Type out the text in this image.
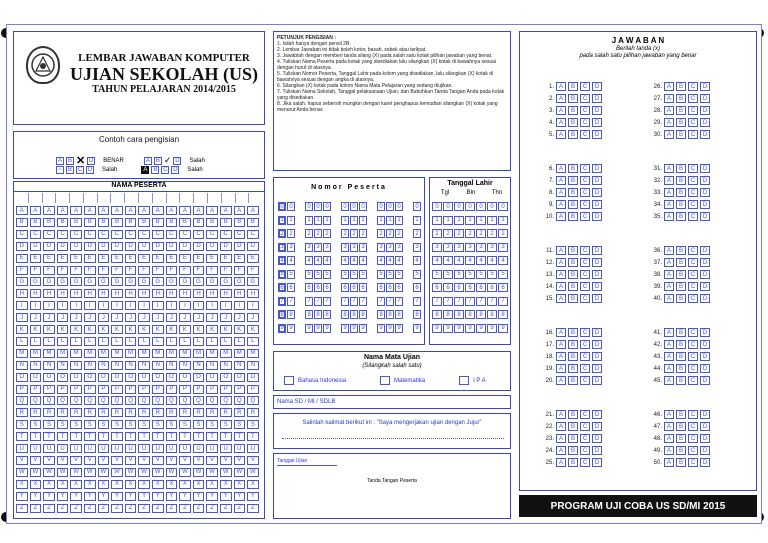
LEMBAR JAWABAN KOMPUTER
UJIAN SEKOLAH (US)
TAHUN PELAJARAN 2014/2015
Contoh cara pengisian
A B ✕ D	BENAR	A B ✓ D	Salah
~	B C D	Salah	A B C D	Salah
NAMA PESERTA
A	A	A	A	A	A	A	A	A	A	A	A	A	A	A	A	A	A
B	B	B	B	B	B	B	B	B	B	B	B	B	B	B	B	B	B
C	C	C	C	C	C	C	C	C	C	C	C	C	C	C	C	C	C
D	D	D	D	D	D	D	D	D	D	D	D	D	D	D	D	D	D
E	E	E	E	E	E	E	E	E	E	E	E	E	E	E	E	E	E
F	F	F	F	F	F	F	F	F	F	F	F	F	F	F	F	F	F
G	G	G	G	G	G	G	G	G	G	G	G	G	G	G	G	G	G
H	H	H	H	H	H	H	H	H	H	H	H	H	H	H	H	H	H
I	I	I	I	I	I	I	I	I	I	I	I	I	I	I	I	I	I
J	J	J	J	J	J	J	J	J	J	J	J	J	J	J	J	J	J
K	K	K	K	K	K	K	K	K	K	K	K	K	K	K	K	K	K
L	L	L	L	L	L	L	L	L	L	L	L	L	L	L	L	L	L
M	M	M	M	M	M	M	M	M	M	M	M	M	M	M	M	M	M
N	N	N	N	N	N	N	N	N	N	N	N	N	N	N	N	N	N
O	O	O	O	O	O	O	O	O	O	O	O	O	O	O	O	O	O
P	P	P	P	P	P	P	P	P	P	P	P	P	P	P	P	P	P
Q	Q	Q	Q	Q	Q	Q	Q	Q	Q	Q	Q	Q	Q	Q	Q	Q	Q
R	R	R	R	R	R	R	R	R	R	R	R	R	R	R	R	R	R
S	S	S	S	S	S	S	S	S	S	S	S	S	S	S	S	S	S
T	T	T	T	T	T	T	T	T	T	T	T	T	T	T	T	T	T
U	U	U	U	U	U	U	U	U	U	U	U	U	U	U	U	U	U
V	V	V	V	V	V	V	V	V	V	V	V	V	V	V	V	V	V
W	W	W	W	W	W	W	W	W	W	W	W	W	W	W	W	W	W
X	X	X	X	X	X	X	X	X	X	X	X	X	X	X	X	X	X
Y	Y	Y	Y	Y	Y	Y	Y	Y	Y	Y	Y	Y	Y	Y	Y	Y	Y
Z	Z	Z	Z	Z	Z	Z	Z	Z	Z	Z	Z	Z	Z	Z	Z	Z	Z
PETUNJUK PENGISIAN :
1. Isilah hanya dengan pensil 2B.
2. Lembar Jawaban ini tidak boleh kotor, basah, sobek atau terlipat.
3. Jawablah dengan memberi tanda silang (X) pada salah satu kotak pilihan jawaban yang benar.
4. Tuliskan Nama Peserta pada kotak yang disediakan lalu silangkan (X) kotak di bawahnya sesuai dengan huruf di atasnya.
5. Tuliskan Nomor Peserta, Tanggal Lahir pada kolom yang disediakan, lalu silangkan (X) kotak di bawahnya sesuai dengan angka di atasnya.
6. Silangkan (X) kotak pada kolom Nama Mata Pelajaran yang sedang diujikan.
7. Tuliskan Nama Sekolah, Tanggal pelaksanaan Ujian, dan Bubuhkan Tanda Tangan Anda pada kotak yang disediakan.
8. Jika salah, hapus sebersih mungkin dengan karet penghapus kemudian silangkan (X) kotak yang menurut Anda benar.
Nomor Peserta
0 0	0 0 0	0 0 0	0 0 0	0
1 1	1 1 1	1 1 1	1 1 1	1
2 2	2 2 2	2 2 2	2 2 2	2
3 3	3 3 3	3 3 3	3 3 3	3
4 4	4 4 4	4 4 4	4 4 4	4
5 5	5 5 5	5 5 5	5 5 5	5
6 6	6 6 6	6 6 6	6 6 6	6
7 7	7 7 7	7 7 7	7 7 7	7
8 8	8 8 8	8 8 8	8 8 8	8
9 9	9 9 9	9 9 9	9 9 9	9
Tanggal Lahir
Tgl	Bln	Thn
0	0	0	0	0	0	0
1	1	1	1	1	1	1
2	2	2	2	2	2	2
3	3	3	3	3	3	3
4	4	4	4	4	4	4
5	5	5	5	5	5	5
6	6	6	6	6	6	6
7	7	7	7	7	7	7
8	8	8	8	8	8	8
9	9	9	9	9	9	9
Nama Mata Ujian
(Silangkah salah satu)
Bahasa Indonesia	Matematika	I P A
Nama SD / MI / SDLB
Salinlah kalimat berikut ini : "Saya mengerjakan ujian dengan Jujur"
Tanggal Ujian
Tanda Tangan Peserta
J A W A B A N
Berilah tanda (x)
pada salah satu pilihan jawaban yang benar
1. A	B	C	D
2. A	B	C	D
3. A	B	C	D
4. A	B	C	D
5. A	B	C	D
6. A	B	C	D
7. A	B	C	D
8. A	B	C	D
9. A	B	C	D
10. A	B	C	D
11. A	B	C	D
12. A	B	C	D
13. A	B	C	D
14. A	B	C	D
15. A	B	C	D
16. A	B	C	D
17. A	B	C	D
18. A	B	C	D
19. A	B	C	D
20. A	B	C	D
21. A	B	C	D
22. A	B	C	D
23. A	B	C	D
24. A	B	C	D
25. A	B	C	D
26. A	B	C	D
27. A	B	C	D
28. A	B	C	D
29. A	B	C	D
30. A	B	C	D
31. A	B	C	D
32. A	B	C	D
33. A	B	C	D
34. A	B	C	D
35. A	B	C	D
36. A	B	C	D
37. A	B	C	D
38. A	B	C	D
39. A	B	C	D
40. A	B	C	D
41. A	B	C	D
42. A	B	C	D
43. A	B	C	D
44. A	B	C	D
45. A	B	C	D
46. A	B	C	D
47. A	B	C	D
48. A	B	C	D
49. A	B	C	D
50. A	B	C	D
PROGRAM UJI COBA US SD/MI 2015
